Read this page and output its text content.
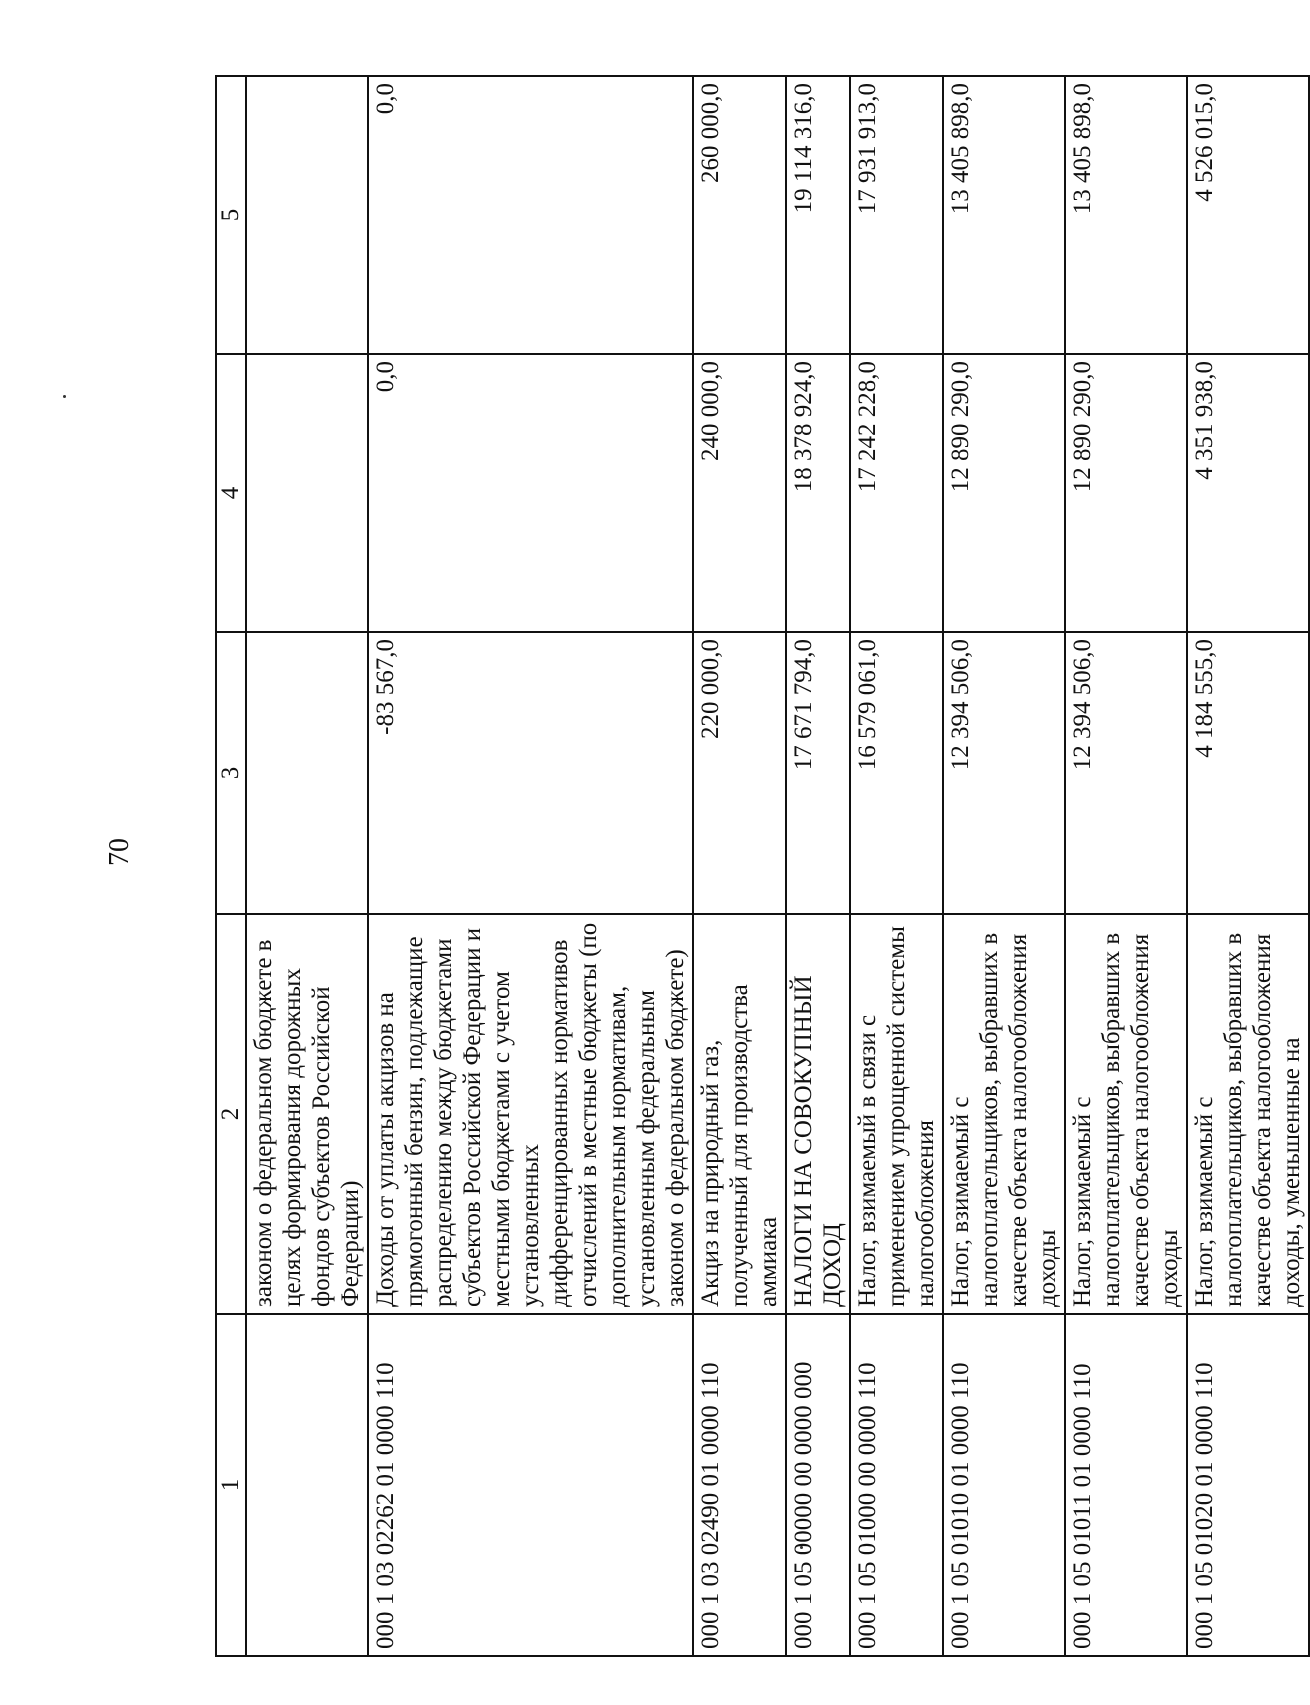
70
1	2	3	4	5
	законом о федеральном бюджете в целях формирования дорожных фондов субъектов Российской Федерации)			
000 1 03 02262 01 0000 110	Доходы от уплаты акцизов на прямогонный бензин, подлежащие распределению между бюджетами субъектов Российской Федерации и местными бюджетами с учетом установленных дифференцированных нормативов отчислений в местные бюджеты (по дополнительным нормативам, установленным федеральным законом о федеральном бюджете)	-83 567,0	0,0	0,0
000 1 03 02490 01 0000 110	Акциз на природный газ, полученный для производства аммиака	220 000,0	240 000,0	260 000,0
000 1 05 00000 00 0000 000	НАЛОГИ НА СОВОКУПНЫЙ ДОХОД	17 671 794,0	18 378 924,0	19 114 316,0
000 1 05 01000 00 0000 110	Налог, взимаемый в связи с применением упрощенной системы налогообложения	16 579 061,0	17 242 228,0	17 931 913,0
000 1 05 01010 01 0000 110	Налог, взимаемый с налогоплательщиков, выбравших в качестве объекта налогообложения доходы	12 394 506,0	12 890 290,0	13 405 898,0
000 1 05 01011 01 0000 110	Налог, взимаемый с налогоплательщиков, выбравших в качестве объекта налогообложения доходы	12 394 506,0	12 890 290,0	13 405 898,0
000 1 05 01020 01 0000 110	Налог, взимаемый с налогоплательщиков, выбравших в качестве объекта налогообложения доходы, уменьшенные на	4 184 555,0	4 351 938,0	4 526 015,0
